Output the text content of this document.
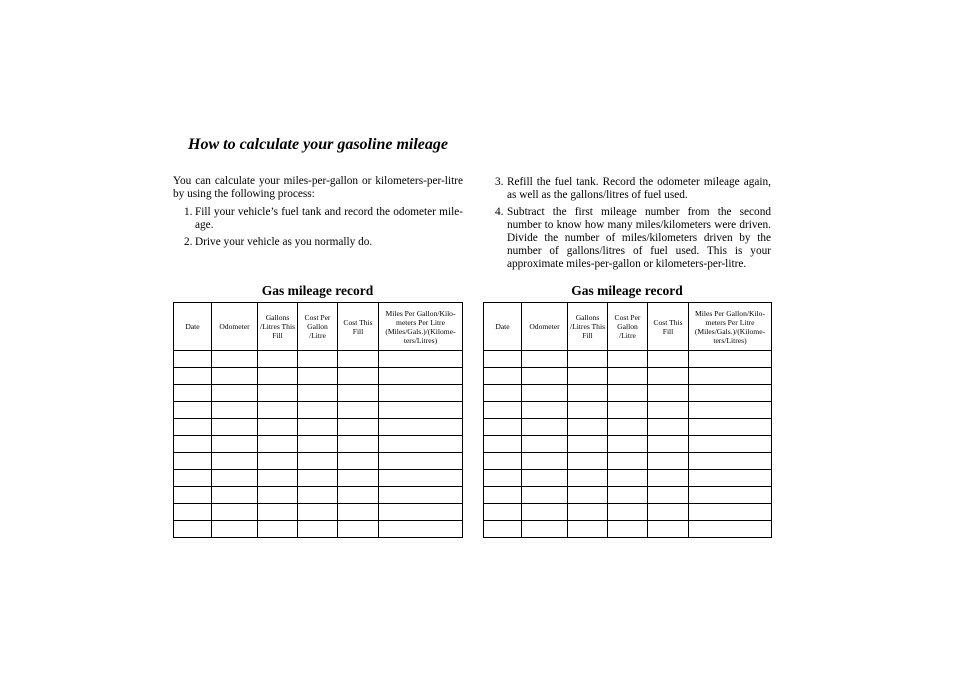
How to calculate your gasoline mileage

You can calculate your miles-per-gallon or kilometers-per-litre by using the following process:

1. Fill your vehicle’s fuel tank and record the odometer mile-age.
2. Drive your vehicle as you normally do.
3. Refill the fuel tank. Record the odometer mileage again, as well as the gallons/litres of fuel used.
4. Subtract the first mileage number from the second number to know how many miles/kilometers were driven. Divide the number of miles/kilometers driven by the number of gallons/litres of fuel used. This is your approximate miles-per-gallon or kilometers-per-litre.
Gas mileage record
Date	Odometer	Gallons /Litres This Fill	Cost Per Gallon /Litre	Cost This Fill	Miles Per Gallon/Kilo-meters Per Litre (Miles/Gals.)/(Kilome-ters/Litres)

Gas mileage record
Date	Odometer	Gallons /Litres This Fill	Cost Per Gallon /Litre	Cost This Fill	Miles Per Gallon/Kilo-meters Per Litre (Miles/Gals.)/(Kilome-ters/Litres)
